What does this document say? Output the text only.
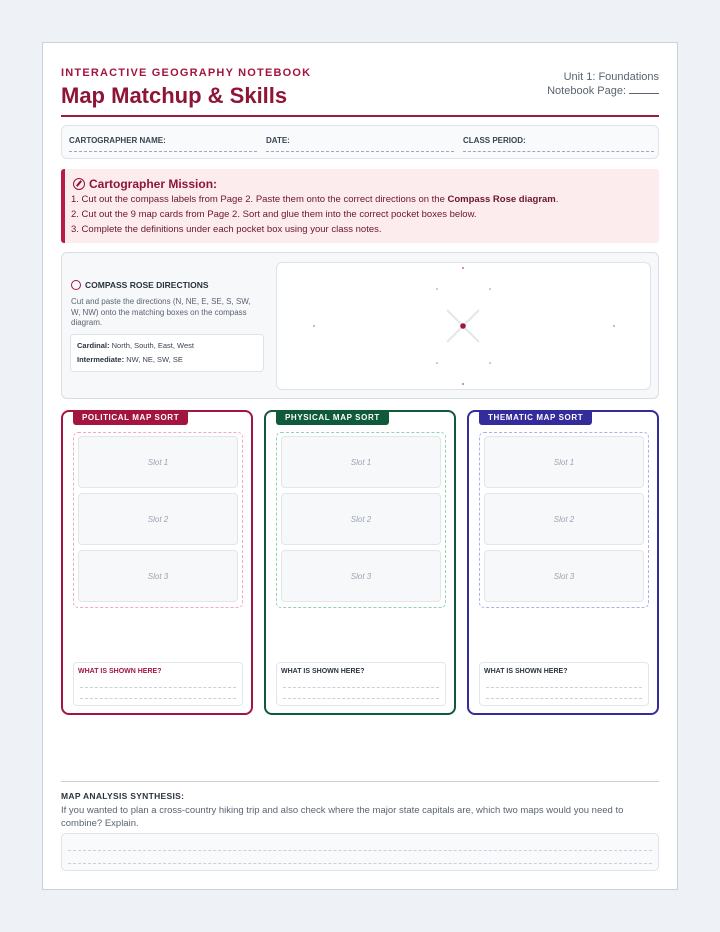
INTERACTIVE GEOGRAPHY NOTEBOOK
Map Matchup & Skills
Unit 1: Foundations
Notebook Page:
CARTOGRAPHER NAME:	DATE:	CLASS PERIOD:
Cartographer Mission:
1. Cut out the compass labels from Page 2. Paste them onto the correct directions on the Compass Rose diagram.
2. Cut out the 9 map cards from Page 2. Sort and glue them into the correct pocket boxes below.
3. Complete the definitions under each pocket box using your class notes.
COMPASS ROSE DIRECTIONS
Cut and paste the directions (N, NE, E, SE, S, SW, W, NW) onto the matching boxes on the compass diagram.
Cardinal: North, South, East, West
Intermediate: NW, NE, SW, SE
POLITICAL MAP SORT
Slot 1
Slot 2
Slot 3
WHAT IS SHOWN HERE?
PHYSICAL MAP SORT
Slot 1
Slot 2
Slot 3
WHAT IS SHOWN HERE?
THEMATIC MAP SORT
Slot 1
Slot 2
Slot 3
WHAT IS SHOWN HERE?
MAP ANALYSIS SYNTHESIS:
If you wanted to plan a cross-country hiking trip and also check where the major state capitals are, which two maps would you need to combine? Explain.
